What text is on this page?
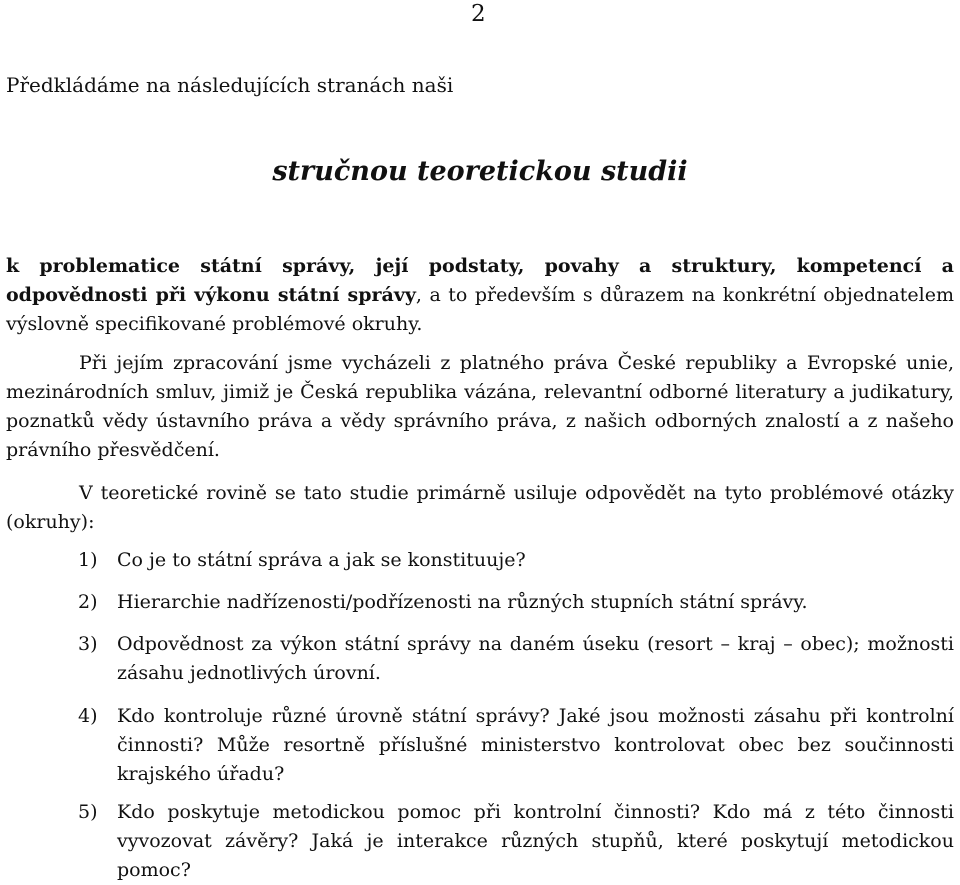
2
Předkládáme na následujících stranách naši
stručnou teoretickou studii
k problematice státní správy, její podstaty, povahy a struktury, kompetencí a odpovědnosti při výkonu státní správy, a to především s důrazem na konkrétní objednatelem výslovně specifikované problémové okruhy.

Při jejím zpracování jsme vycházeli z platného práva České republiky a Evropské unie, mezinárodních smluv, jimiž je Česká republika vázána, relevantní odborné literatury a judikatury, poznatků vědy ústavního práva a vědy správního práva, z našich odborných znalostí a z našeho právního přesvědčení.

V teoretické rovině se tato studie primárně usiluje odpovědět na tyto problémové otázky (okruhy):

1) Co je to státní správa a jak se konstituuje?
2) Hierarchie nadřízenosti/podřízenosti na různých stupních státní správy.
3) Odpovědnost za výkon státní správy na daném úseku (resort – kraj – obec); možnosti zásahu jednotlivých úrovní.
4) Kdo kontroluje různé úrovně státní správy? Jaké jsou možnosti zásahu při kontrolní činnosti? Může resortně příslušné ministerstvo kontrolovat obec bez součinnosti krajského úřadu?
5) Kdo poskytuje metodickou pomoc při kontrolní činnosti? Kdo má z této činnosti vyvozovat závěry? Jaká je interakce různých stupňů, které poskytují metodickou pomoc?
